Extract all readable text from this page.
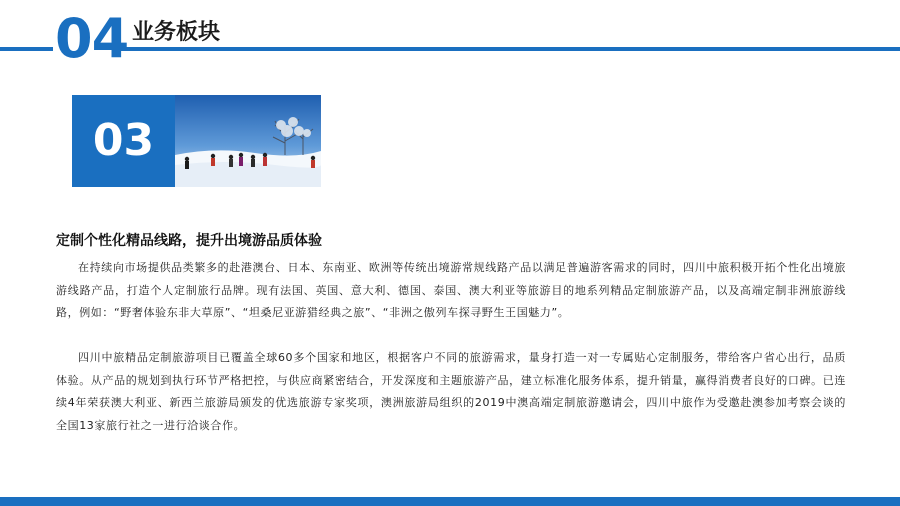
04 业务板块
03
定制个性化精品线路，提升出境游品质体验
在持续向市场提供品类繁多的赴港澳台、日本、东南亚、欧洲等传统出境游常规线路产品以满足普遍游客需求的同时，四川中旅积极开拓个性化出境旅游线路产品，打造个人定制旅行品牌。现有法国、英国、意大利、德国、泰国、澳大利亚等旅游目的地系列精品定制旅游产品，以及高端定制非洲旅游线路，例如：“野奢体验东非大草原”、“坦桑尼亚游猎经典之旅”、“非洲之傲列车探寻野生王国魅力”。
四川中旅精品定制旅游项目已覆盖全球60多个国家和地区，根据客户不同的旅游需求，量身打造一对一专属贴心定制服务，带给客户省心出行，品质体验。从产品的规划到执行环节严格把控，与供应商紧密结合，开发深度和主题旅游产品，建立标准化服务体系，提升销量，赢得消费者良好的口碑。已连续4年荣获澳大利亚、新西兰旅游局颁发的优选旅游专家奖项，澳洲旅游局组织的2019中澳高端定制旅游邀请会，四川中旅作为受邀赴澳参加考察会谈的全国13家旅行社之一进行洽谈合作。
